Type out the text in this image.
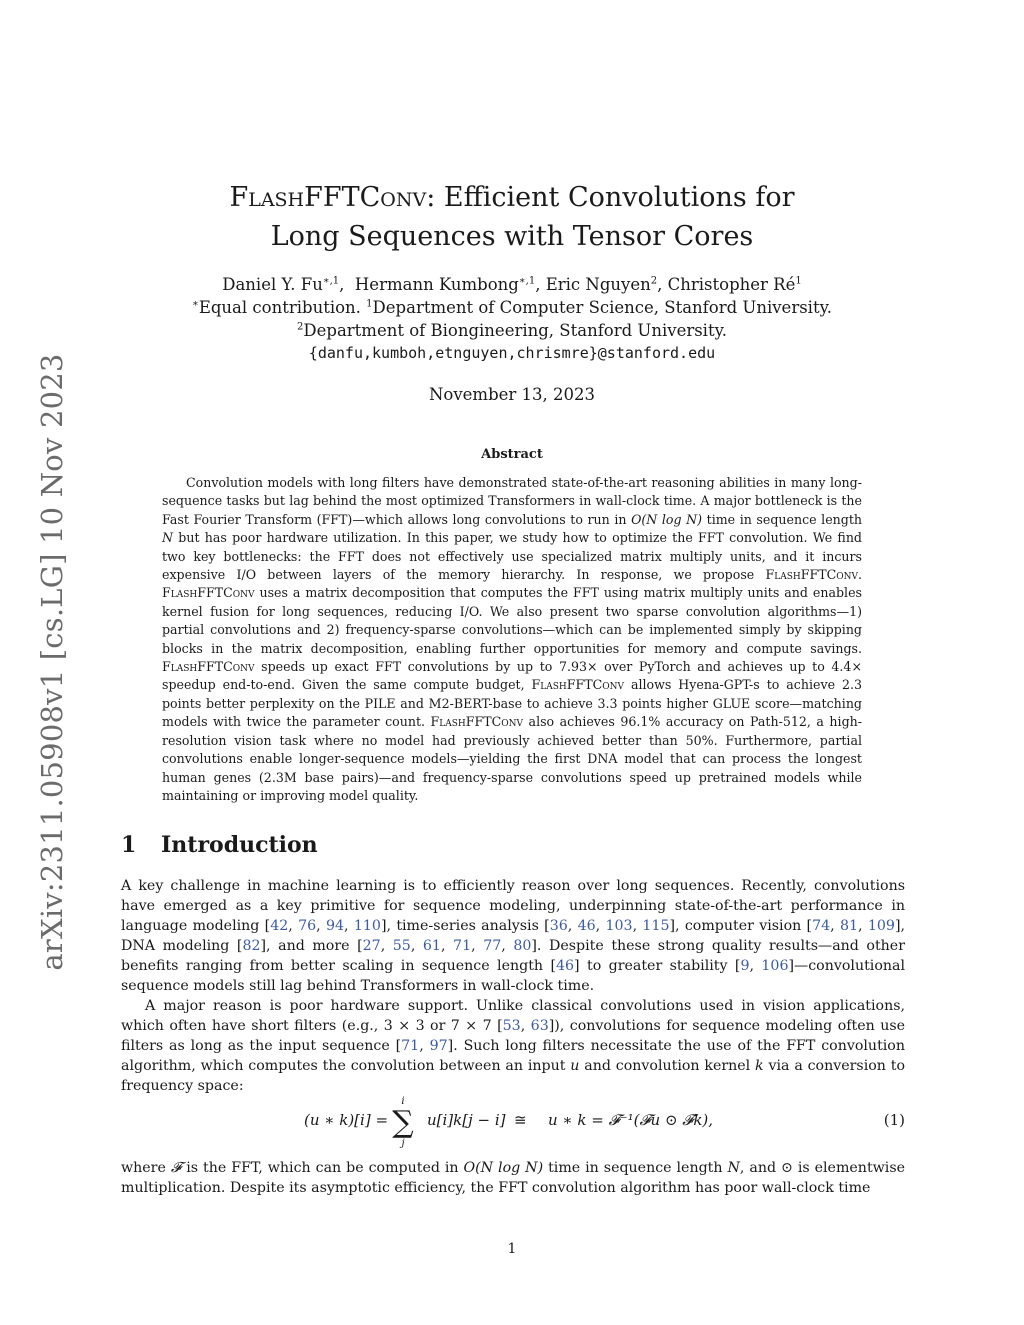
arXiv:2311.05908v1 [cs.LG] 10 Nov 2023
FlashFFTConv: Efficient Convolutions for
Long Sequences with Tensor Cores
Daniel Y. $Fu^{∗,1}$,  Hermann Kumbong$^{∗,1}$, Eric Nguyen$^2$, Christopher $Ré^1$
∗Equal contribution. $^1$Department of Computer Science, Stanford University.
$^2$Department of Biongineering, Stanford University.
{danfu,kumboh,etnguyen,chrismre}@stanford.edu
November 13, 2023
Abstract
Convolution models with long filters have demonstrated state-of-the-art reasoning abilities in many long-sequence tasks but lag behind the most optimized Transformers in wall-clock time. A major bottleneck is the Fast Fourier Transform (FFT)—which allows long convolutions to run in O(N log N) time in sequence length N but has poor hardware utilization. In this paper, we study how to optimize the FFT convolution. We find two key bottlenecks: the FFT does not effectively use specialized matrix multiply units, and it incurs expensive I/O between layers of the memory hierarchy. In response, we propose FlashFFTConv. FlashFFTConv uses a matrix decomposition that computes the FFT using matrix multiply units and enables kernel fusion for long sequences, reducing I/O. We also present two sparse convolution algorithms—1) partial convolutions and 2) frequency-sparse convolutions—which can be implemented simply by skipping blocks in the matrix decomposition, enabling further opportunities for memory and compute savings. FlashFFTConv speeds up exact FFT convolutions by up to 7.93× over PyTorch and achieves up to 4.4× speedup end-to-end. Given the same compute budget, FlashFFTConv allows Hyena-GPT-s to achieve 2.3 points better perplexity on the PILE and M2-BERT-base to achieve 3.3 points higher GLUE score—matching models with twice the parameter count. FlashFFTConv also achieves 96.1% accuracy on Path-512, a high-resolution vision task where no model had previously achieved better than 50%. Furthermore, partial convolutions enable longer-sequence models—yielding the first DNA model that can process the longest human genes (2.3M base pairs)—and frequency-sparse convolutions speed up pretrained models while maintaining or improving model quality.
1 Introduction
A key challenge in machine learning is to efficiently reason over long sequences. Recently, convolutions have emerged as a key primitive for sequence modeling, underpinning state-of-the-art performance in language modeling [42, 76, 94, 110], time-series analysis [36, 46, 103, 115], computer vision [74, 81, 109], DNA modeling [82], and more [27, 55, 61, 71, 77, 80]. Despite these strong quality results—and other benefits ranging from better scaling in sequence length [46] to greater stability [9, 106]—convolutional sequence models still lag behind Transformers in wall-clock time.
A major reason is poor hardware support. Unlike classical convolutions used in vision applications, which often have short filters (e.g., 3 × 3 or 7 × 7 [53, 63]), convolutions for sequence modeling often use filters as long as the input sequence [71, 97]. Such long filters necessitate the use of the FFT convolution algorithm, which computes the convolution between an input u and convolution kernel k via a conversion to frequency space:
(u ∗ k)[i] =
i
∑
j
u[i]k[j − i] ≅ u ∗ k = 𝓕⁻¹(𝓕u ⊙ 𝓕k),	(1)
where 𝓕 is the FFT, which can be computed in O(N log N) time in sequence length N, and ⊙ is elementwise multiplication. Despite its asymptotic efficiency, the FFT convolution algorithm has poor wall-clock time
1
